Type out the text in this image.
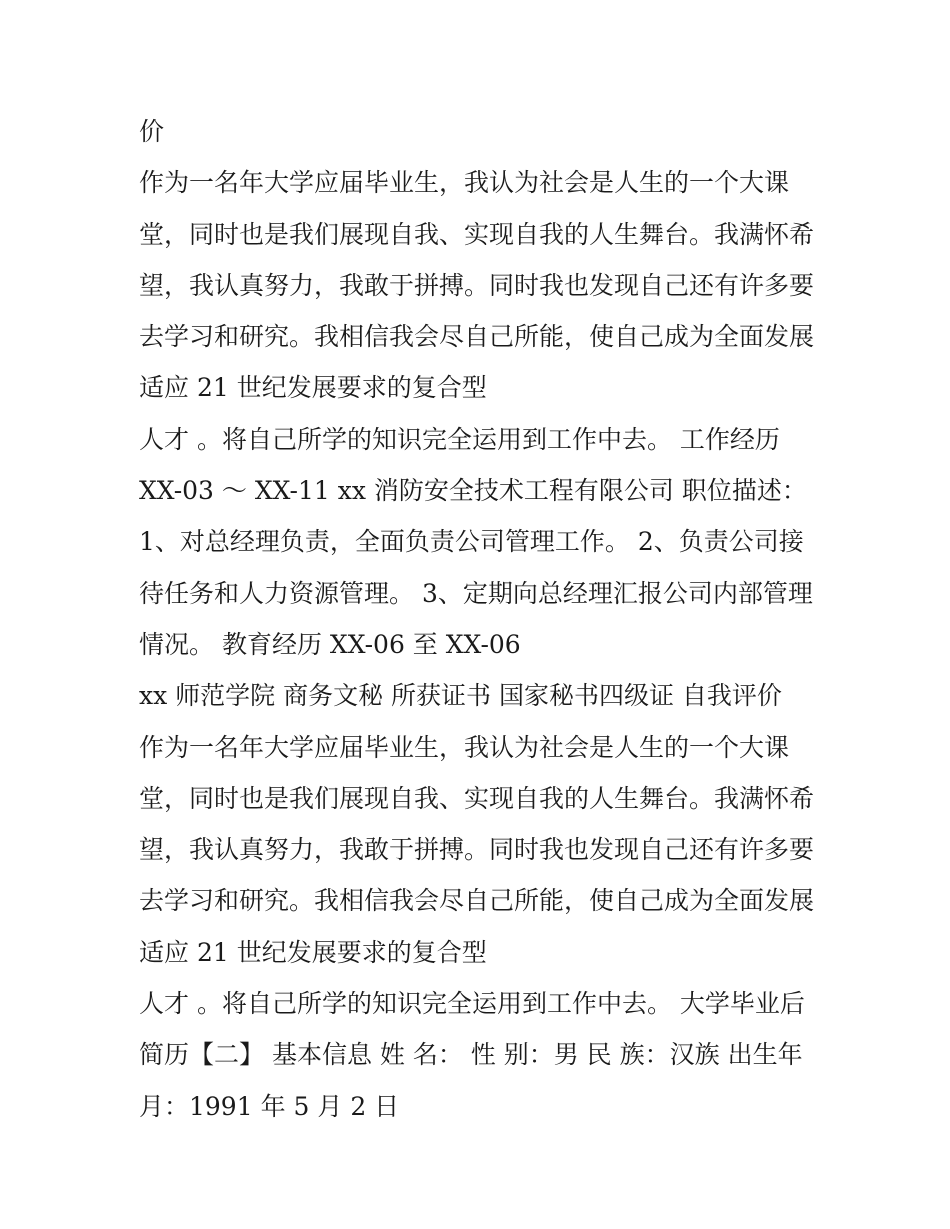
价
作为一名年大学应届毕业生，我认为社会是人生的一个大课
堂，同时也是我们展现自我、实现自我的人生舞台。我满怀希
望，我认真努力，我敢于拼搏。同时我也发现自己还有许多要
去学习和研究。我相信我会尽自己所能，使自己成为全面发展
适应 21 世纪发展要求的复合型
人才 。将自己所学的知识完全运用到工作中去。 工作经历
XX-03 ～ XX-11 xx 消防安全技术工程有限公司 职位描述：
1、对总经理负责，全面负责公司管理工作。 2、负责公司接
待任务和人力资源管理。 3、定期向总经理汇报公司内部管理
情况。 教育经历 XX-06 至 XX-06
xx 师范学院 商务文秘 所获证书 国家秘书四级证 自我评价
作为一名年大学应届毕业生，我认为社会是人生的一个大课
堂，同时也是我们展现自我、实现自我的人生舞台。我满怀希
望，我认真努力，我敢于拼搏。同时我也发现自己还有许多要
去学习和研究。我相信我会尽自己所能，使自己成为全面发展
适应 21 世纪发展要求的复合型
人才 。将自己所学的知识完全运用到工作中去。 大学毕业后
简历【二】 基本信息 姓 名： 性 别：男 民 族：汉族 出生年
月：1991 年 5 月 2 日
